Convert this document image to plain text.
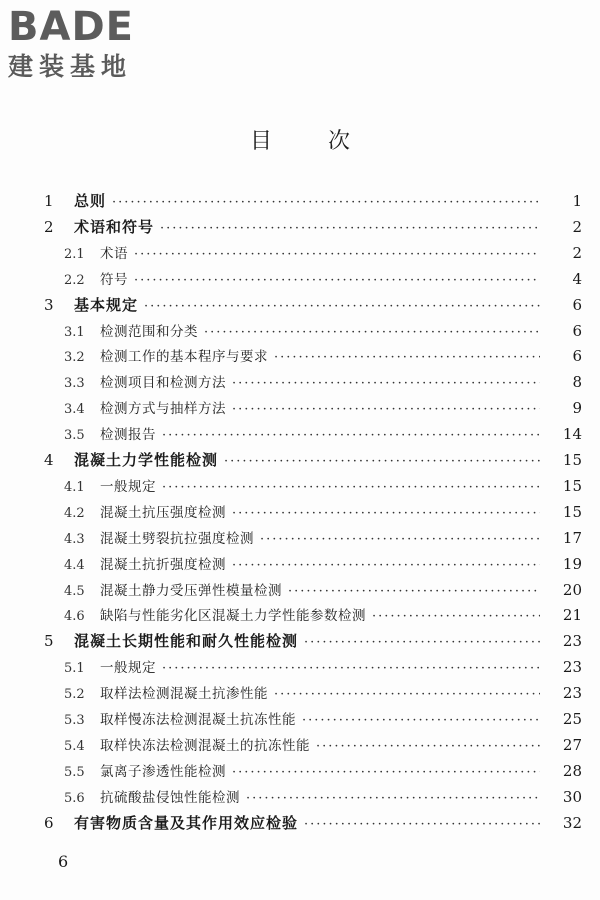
BADE
建装基地
目次
1	总则 ·····	1
2	术语和符号 ·····	2
2.1	术语 ·····	2
2.2	符号 ·····	4
3	基本规定 ·····	6
3.1	检测范围和分类 ·····	6
3.2	检测工作的基本程序与要求 ·····	6
3.3	检测项目和检测方法 ·····	8
3.4	检测方式与抽样方法 ·····	9
3.5	检测报告 ·····	14
4	混凝土力学性能检测 ·····	15
4.1	一般规定 ·····	15
4.2	混凝土抗压强度检测 ·····	15
4.3	混凝土劈裂抗拉强度检测 ·····	17
4.4	混凝土抗折强度检测 ·····	19
4.5	混凝土静力受压弹性模量检测 ·····	20
4.6	缺陷与性能劣化区混凝土力学性能参数检测 ·····	21
5	混凝土长期性能和耐久性能检测 ·····	23
5.1	一般规定 ·····	23
5.2	取样法检测混凝土抗渗性能 ·····	23
5.3	取样慢冻法检测混凝土抗冻性能 ·····	25
5.4	取样快冻法检测混凝土的抗冻性能 ·····	27
5.5	氯离子渗透性能检测 ·····	28
5.6	抗硫酸盐侵蚀性能检测 ·····	30
6	有害物质含量及其作用效应检验 ·····	32
6
